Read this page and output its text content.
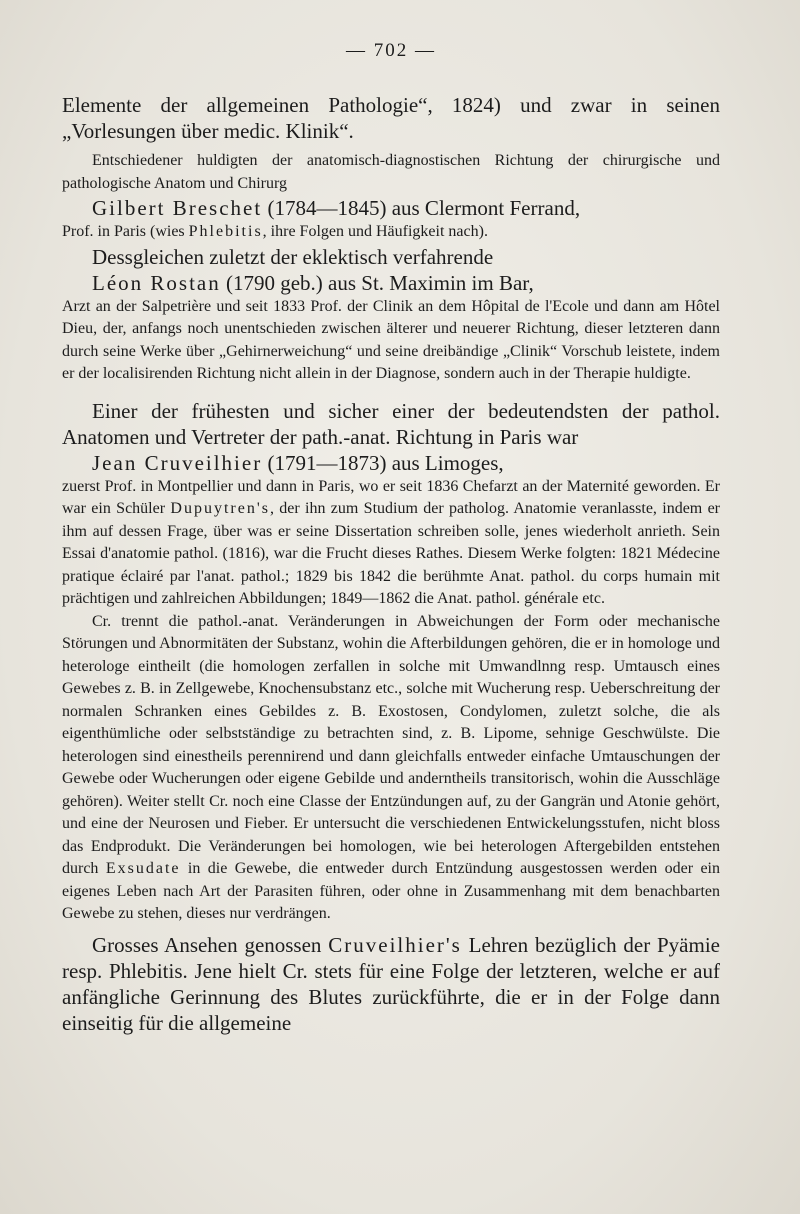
— 702 —

Elemente der allgemeinen Pathologie“, 1824) und zwar in seinen „Vorlesungen über medic. Klinik“.

Entschiedener huldigten der anatomisch-diagnostischen Richtung der chirurgische und pathologische Anatom und Chirurg

Gilbert Breschet (1784—1845) aus Clermont Ferrand,

Prof. in Paris (wies Phlebitis, ihre Folgen und Häufigkeit nach).

Dessgleichen zuletzt der eklektisch verfahrende

Léon Rostan (1790 geb.) aus St. Maximin im Bar,

Arzt an der Salpetrière und seit 1833 Prof. der Clinik an dem Hôpital de l'Ecole und dann am Hôtel Dieu, der, anfangs noch unentschieden zwischen älterer und neuerer Richtung, dieser letzteren dann durch seine Werke über „Gehirnerweichung“ und seine dreibändige „Clinik“ Vorschub leistete, indem er der localisirenden Richtung nicht allein in der Diagnose, sondern auch in der Therapie huldigte.

Einer der frühesten und sicher einer der bedeutendsten der pathol. Anatomen und Vertreter der path.-anat. Richtung in Paris war

Jean Cruveilhier (1791—1873) aus Limoges,

zuerst Prof. in Montpellier und dann in Paris, wo er seit 1836 Chefarzt an der Maternité geworden. Er war ein Schüler Dupuytren's, der ihn zum Studium der patholog. Anatomie veranlasste, indem er ihm auf dessen Frage, über was er seine Dissertation schreiben solle, jenes wiederholt anrieth. Sein Essai d'anatomie pathol. (1816), war die Frucht dieses Rathes. Diesem Werke folgten: 1821 Médecine pratique éclairé par l'anat. pathol.; 1829 bis 1842 die berühmte Anat. pathol. du corps humain mit prächtigen und zahlreichen Abbildungen; 1849—1862 die Anat. pathol. générale etc.

Cr. trennt die pathol.-anat. Veränderungen in Abweichungen der Form oder mechanische Störungen und Abnormitäten der Substanz, wohin die Afterbildungen gehören, die er in homologe und heterologe eintheilt (die homologen zerfallen in solche mit Umwandlnng resp. Umtausch eines Gewebes z. B. in Zellgewebe, Knochensubstanz etc., solche mit Wucherung resp. Ueberschreitung der normalen Schranken eines Gebildes z. B. Exostosen, Condylomen, zuletzt solche, die als eigenthümliche oder selbstständige zu betrachten sind, z. B. Lipome, sehnige Geschwülste. Die heterologen sind einestheils perennirend und dann gleichfalls entweder einfache Umtauschungen der Gewebe oder Wucherungen oder eigene Gebilde und anderntheils transitorisch, wohin die Ausschläge gehören). Weiter stellt Cr. noch eine Classe der Entzündungen auf, zu der Gangrän und Atonie gehört, und eine der Neurosen und Fieber. Er untersucht die verschiedenen Entwickelungsstufen, nicht bloss das Endprodukt. Die Veränderungen bei homologen, wie bei heterologen Aftergebilden entstehen durch Exsudate in die Gewebe, die entweder durch Entzündung ausgestossen werden oder ein eigenes Leben nach Art der Parasiten führen, oder ohne in Zusammenhang mit dem benachbarten Gewebe zu stehen, dieses nur verdrängen.

Grosses Ansehen genossen Cruveilhier's Lehren bezüglich der Pyämie resp. Phlebitis. Jene hielt Cr. stets für eine Folge der letzteren, welche er auf anfängliche Gerinnung des Blutes zurückführte, die er in der Folge dann einseitig für die allgemeine
